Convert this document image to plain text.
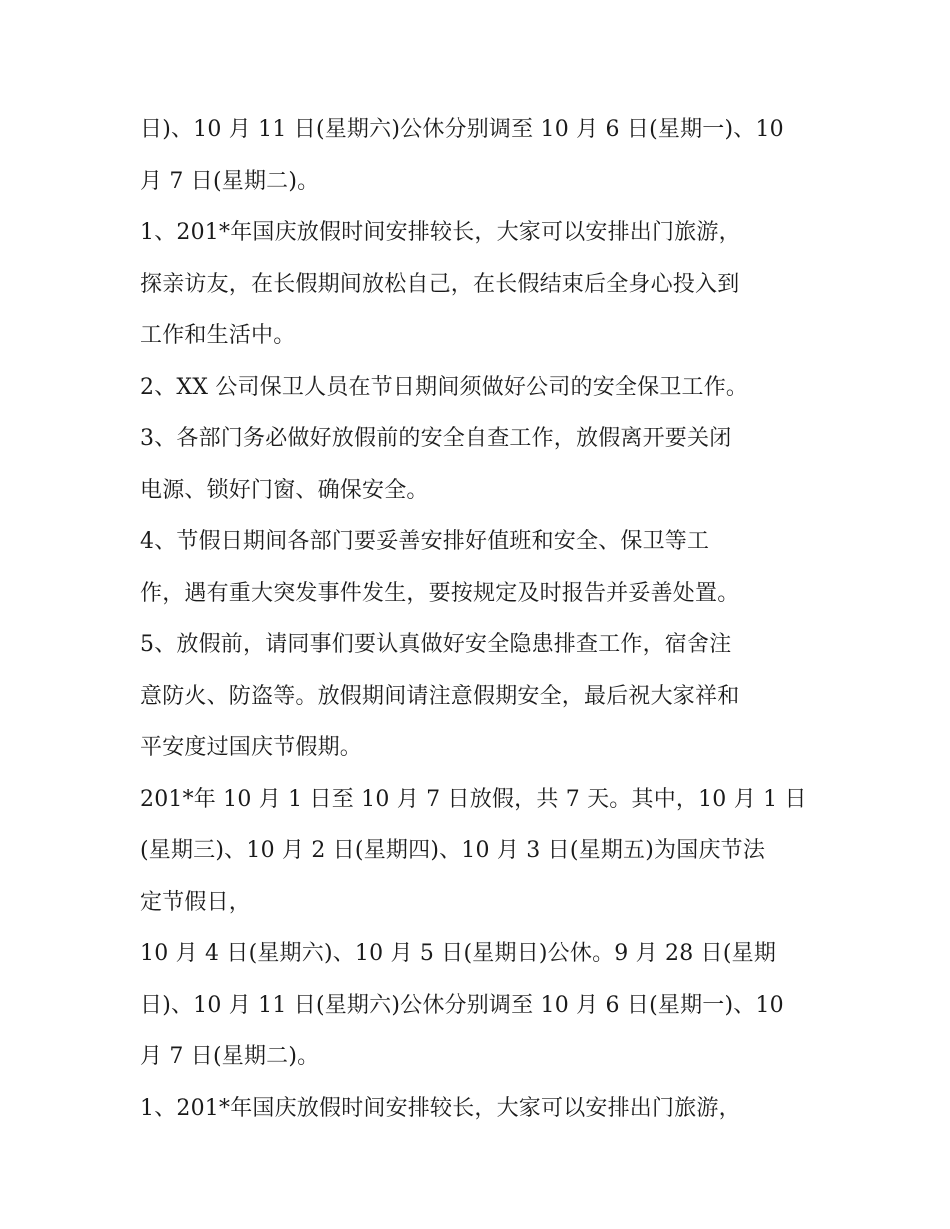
日)、10 月 11 日(星期六)公休分别调至 10 月 6 日(星期一)、10
月 7 日(星期二)。
1、201*年国庆放假时间安排较长，大家可以安排出门旅游，
探亲访友，在长假期间放松自己，在长假结束后全身心投入到
工作和生活中。
2、XX 公司保卫人员在节日期间须做好公司的安全保卫工作。
3、各部门务必做好放假前的安全自查工作，放假离开要关闭
电源、锁好门窗、确保安全。
4、节假日期间各部门要妥善安排好值班和安全、保卫等工
作，遇有重大突发事件发生，要按规定及时报告并妥善处置。
5、放假前，请同事们要认真做好安全隐患排查工作，宿舍注
意防火、防盗等。放假期间请注意假期安全，最后祝大家祥和
平安度过国庆节假期。
201*年 10 月 1 日至 10 月 7 日放假，共 7 天。其中，10 月 1 日
(星期三)、10 月 2 日(星期四)、10 月 3 日(星期五)为国庆节法
定节假日，
10 月 4 日(星期六)、10 月 5 日(星期日)公休。9 月 28 日(星期
日)、10 月 11 日(星期六)公休分别调至 10 月 6 日(星期一)、10
月 7 日(星期二)。
1、201*年国庆放假时间安排较长，大家可以安排出门旅游，
